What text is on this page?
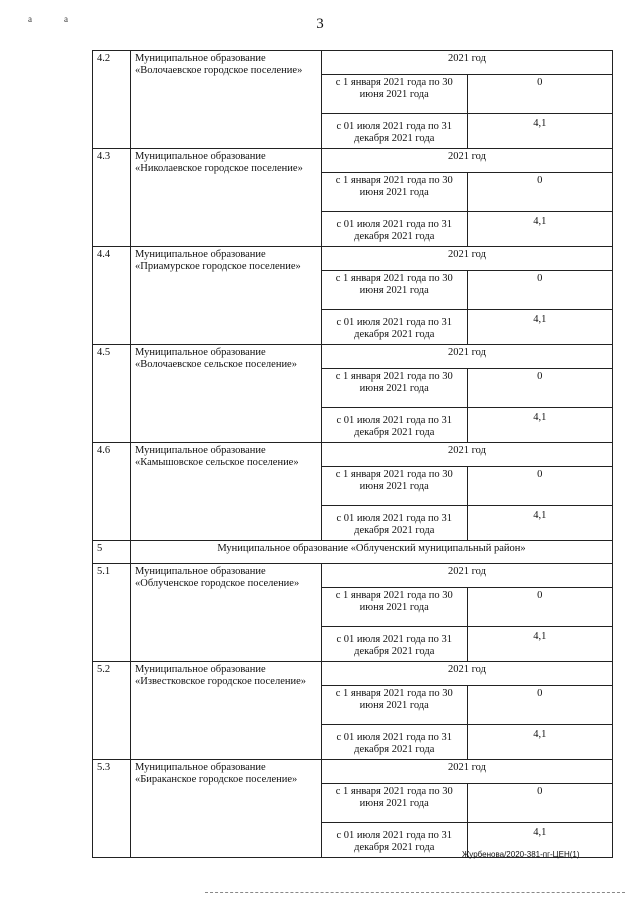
a	a	3
4.2	Муниципальное образование
«Волочаевское городское поселение»	2021 год	
		с 1 января 2021 года по 30 июня 2021 года	0
		с 01 июля 2021 года по 31 декабря 2021 года	4,1
4.3	Муниципальное образование
«Николаевское городское поселение»	2021 год	
		с 1 января 2021 года по 30 июня 2021 года	0
		с 01 июля 2021 года по 31 декабря 2021 года	4,1
4.4	Муниципальное образование
«Приамурское городское поселение»	2021 год	
		с 1 января 2021 года по 30 июня 2021 года	0
		с 01 июля 2021 года по 31 декабря 2021 года	4,1
4.5	Муниципальное образование
«Волочаевское сельское поселение»	2021 год	
		с 1 января 2021 года по 30 июня 2021 года	0
		с 01 июля 2021 года по 31 декабря 2021 года	4,1
4.6	Муниципальное образование
«Камышовское сельское поселение»	2021 год	
		с 1 января 2021 года по 30 июня 2021 года	0
		с 01 июля 2021 года по 31 декабря 2021 года	4,1
5	Муниципальное образование «Облученский муниципальный район»		
5.1	Муниципальное образование
«Облученское городское поселение»	2021 год	
		с 1 января 2021 года по 30 июня 2021 года	0
		с 01 июля 2021 года по 31 декабря 2021 года	4,1
5.2	Муниципальное образование
«Известковское городское поселение»	2021 год	
		с 1 января 2021 года по 30 июня 2021 года	0
		с 01 июля 2021 года по 31 декабря 2021 года	4,1
5.3	Муниципальное образование
«Бираканское городское поселение»	2021 год	
		с 1 января 2021 года по 30 июня 2021 года	0
		с 01 июля 2021 года по 31 декабря 2021 года	4,1
Журбенова/2020-381-пг-ЦЕН(1)
